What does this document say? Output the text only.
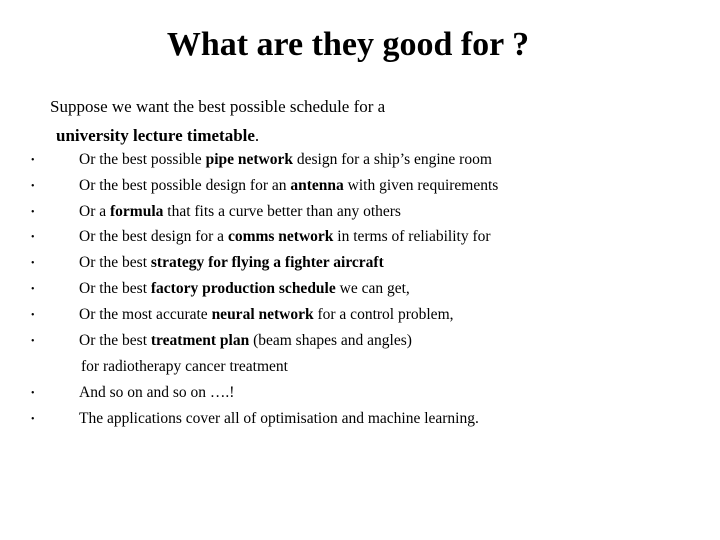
What are they good for ?
Suppose we want the best possible schedule for a
university lecture timetable.
•	Or the best possible pipe network design for a ship’s engine room
•	Or the best possible design for an antenna with given requirements
•	Or a formula that fits a curve better than any others
•	Or the best design for a comms network in terms of reliability for
•	Or the best strategy for flying a fighter aircraft
•	Or the best factory production schedule we can get,
•	Or the most accurate neural network for a control problem,
•	Or the best treatment plan (beam shapes and angles)
for radiotherapy cancer treatment
•	And so on and so on ….!
•	The applications cover all of optimisation and machine learning.
